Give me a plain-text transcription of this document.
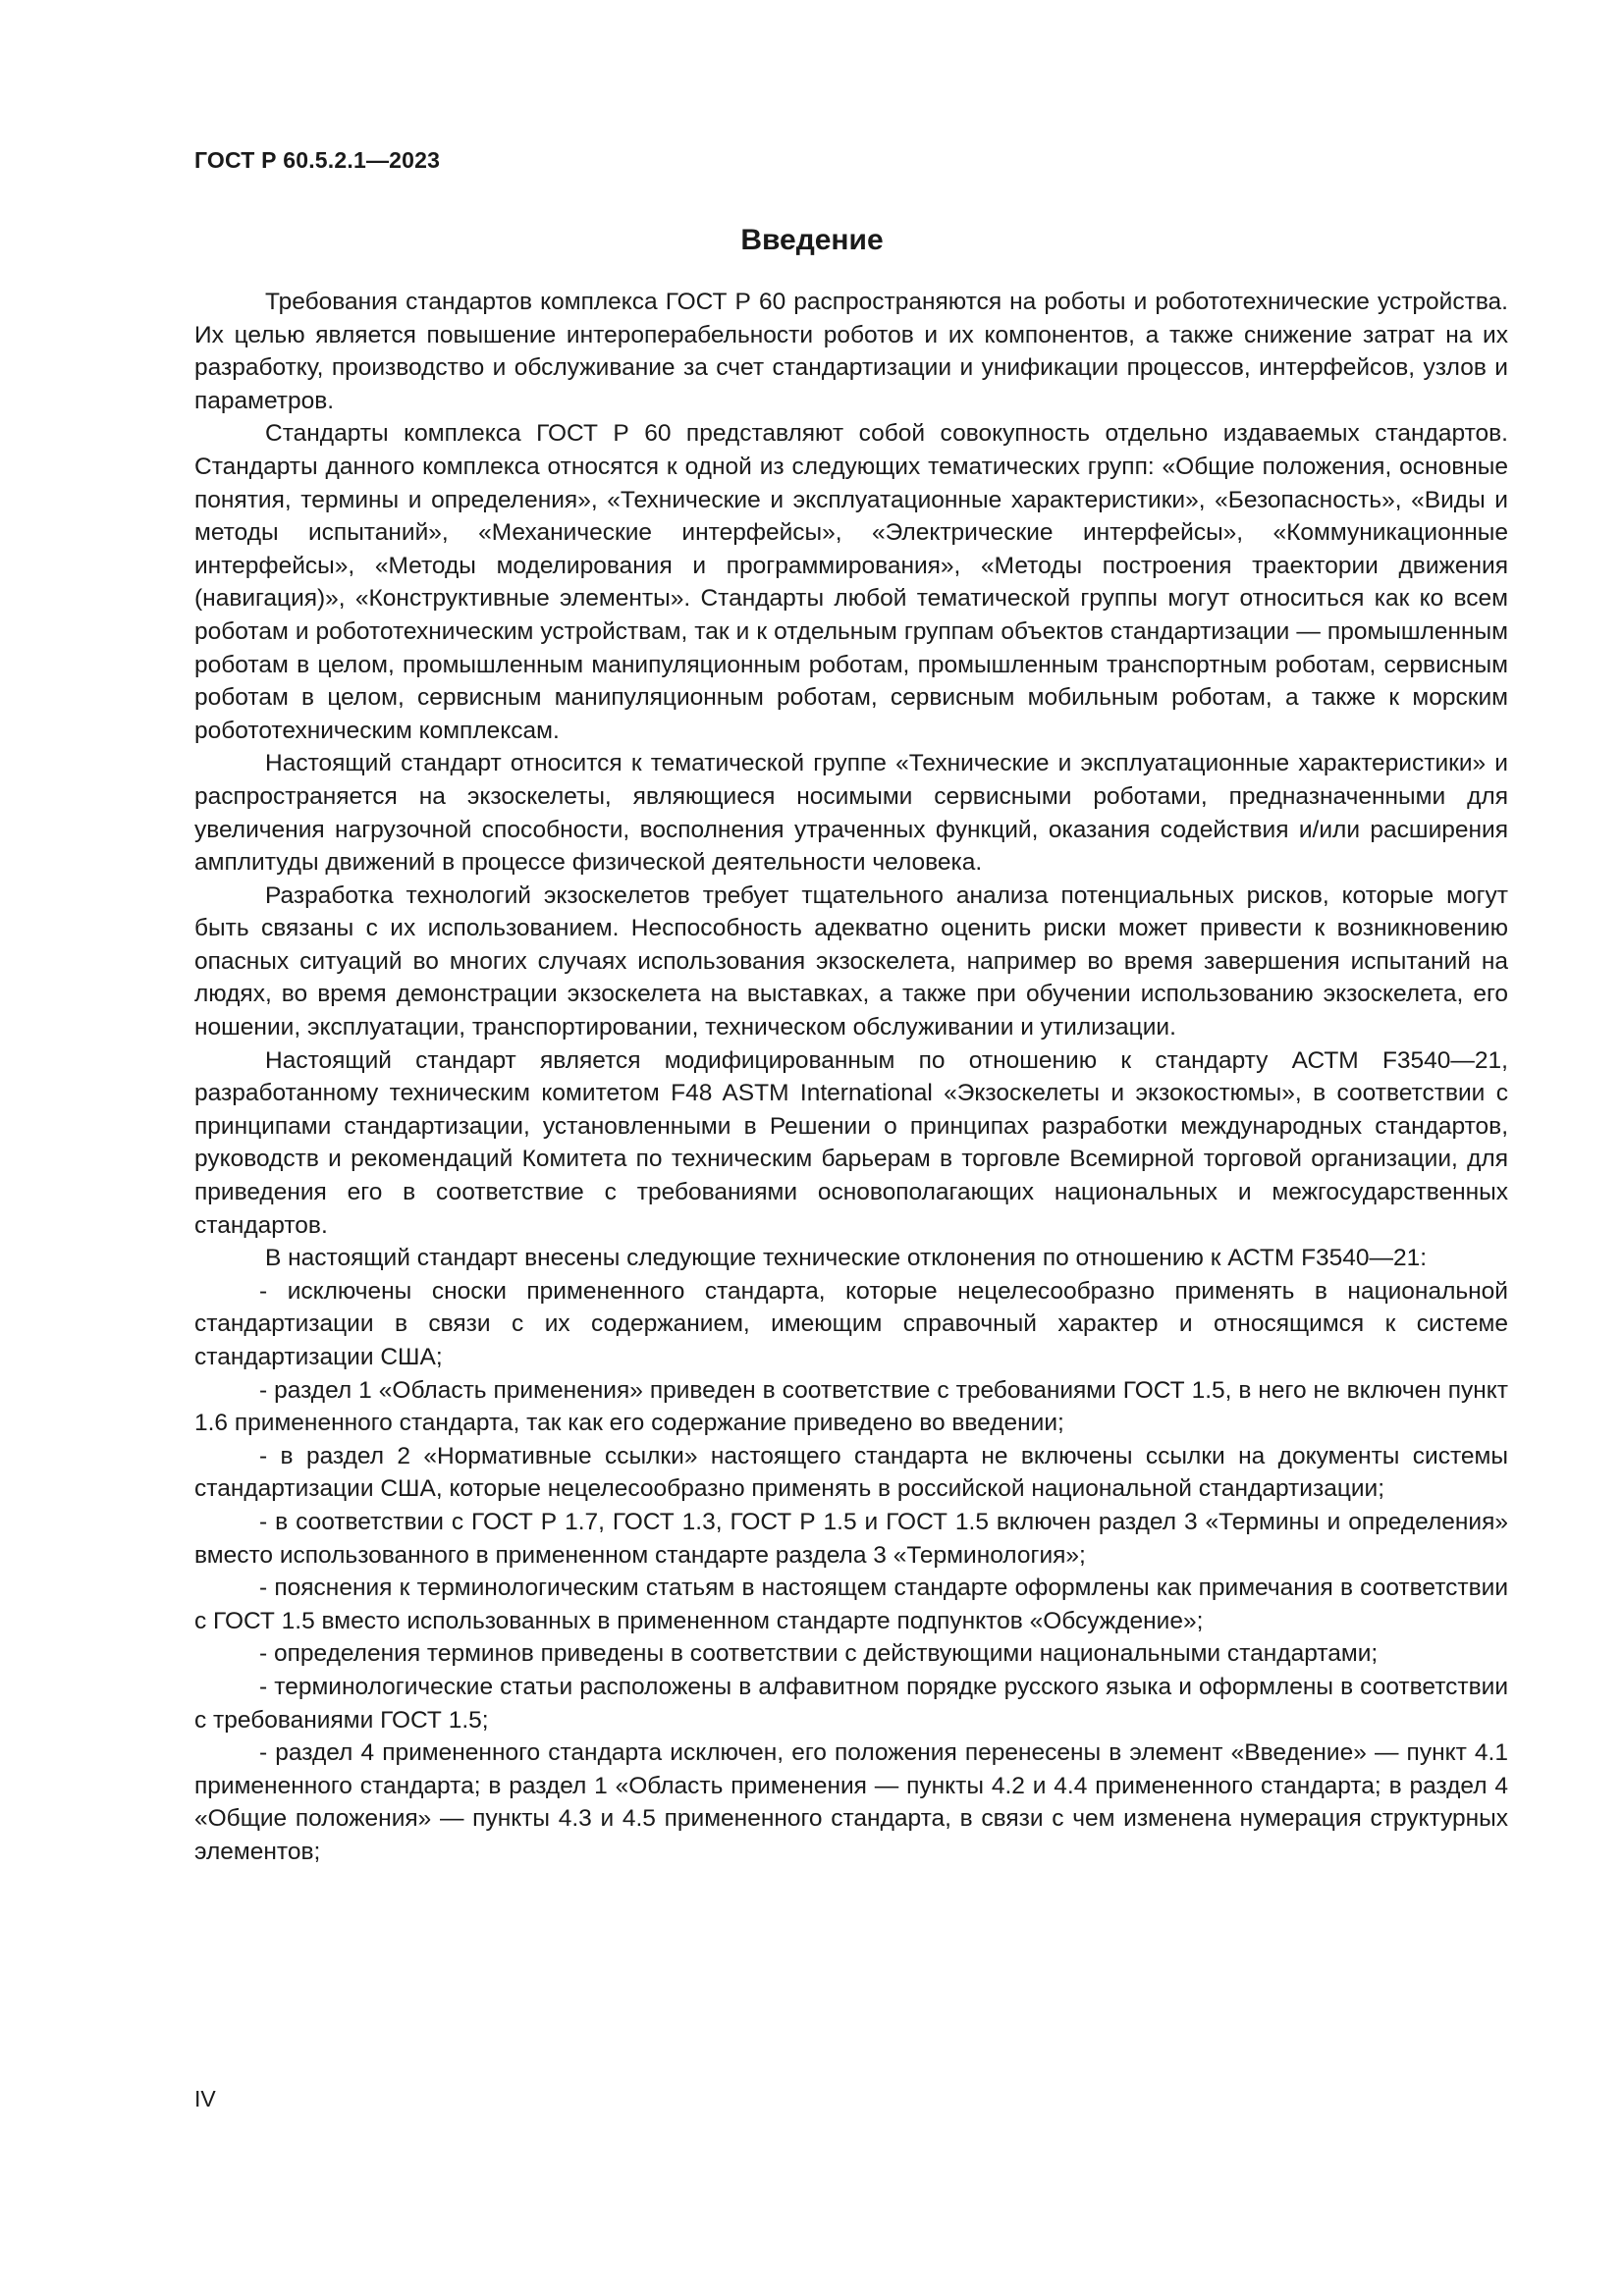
ГОСТ Р 60.5.2.1—2023
Введение

Требования стандартов комплекса ГОСТ Р 60 распространяются на роботы и робототехнические устройства. Их целью является повышение интероперабельности роботов и их компонентов, а также снижение затрат на их разработку, производство и обслуживание за счет стандартизации и унификации процессов, интерфейсов, узлов и параметров.

Стандарты комплекса ГОСТ Р 60 представляют собой совокупность отдельно издаваемых стандартов. Стандарты данного комплекса относятся к одной из следующих тематических групп: «Общие положения, основные понятия, термины и определения», «Технические и эксплуатационные характеристики», «Безопасность», «Виды и методы испытаний», «Механические интерфейсы», «Электрические интерфейсы», «Коммуникационные интерфейсы», «Методы моделирования и программирования», «Методы построения траектории движения (навигация)», «Конструктивные элементы». Стандарты любой тематической группы могут относиться как ко всем роботам и робототехническим устройствам, так и к отдельным группам объектов стандартизации — промышленным роботам в целом, промышленным манипуляционным роботам, промышленным транспортным роботам, сервисным роботам в целом, сервисным манипуляционным роботам, сервисным мобильным роботам, а также к морским робототехническим комплексам.

Настоящий стандарт относится к тематической группе «Технические и эксплуатационные характеристики» и распространяется на экзоскелеты, являющиеся носимыми сервисными роботами, предназначенными для увеличения нагрузочной способности, восполнения утраченных функций, оказания содействия и/или расширения амплитуды движений в процессе физической деятельности человека.

Разработка технологий экзоскелетов требует тщательного анализа потенциальных рисков, которые могут быть связаны с их использованием. Неспособность адекватно оценить риски может привести к возникновению опасных ситуаций во многих случаях использования экзоскелета, например во время завершения испытаний на людях, во время демонстрации экзоскелета на выставках, а также при обучении использованию экзоскелета, его ношении, эксплуатации, транспортировании, техническом обслуживании и утилизации.

Настоящий стандарт является модифицированным по отношению к стандарту АСТМ F3540—21, разработанному техническим комитетом F48 ASTM International «Экзоскелеты и экзокостюмы», в соответствии с принципами стандартизации, установленными в Решении о принципах разработки международных стандартов, руководств и рекомендаций Комитета по техническим барьерам в торговле Всемирной торговой организации, для приведения его в соответствие с требованиями основополагающих национальных и межгосударственных стандартов.

В настоящий стандарт внесены следующие технические отклонения по отношению к АСТМ F3540—21:

- исключены сноски примененного стандарта, которые нецелесообразно применять в национальной стандартизации в связи с их содержанием, имеющим справочный характер и относящимся к системе стандартизации США;

- раздел 1 «Область применения» приведен в соответствие с требованиями ГОСТ 1.5, в него не включен пункт 1.6 примененного стандарта, так как его содержание приведено во введении;

- в раздел 2 «Нормативные ссылки» настоящего стандарта не включены ссылки на документы системы стандартизации США, которые нецелесообразно применять в российской национальной стандартизации;

- в соответствии с ГОСТ Р 1.7, ГОСТ 1.3, ГОСТ Р 1.5 и ГОСТ 1.5 включен раздел 3 «Термины и определения» вместо использованного в примененном стандарте раздела 3 «Терминология»;

- пояснения к терминологическим статьям в настоящем стандарте оформлены как примечания в соответствии с ГОСТ 1.5 вместо использованных в примененном стандарте подпунктов «Обсуждение»;

- определения терминов приведены в соответствии с действующими национальными стандартами;

- терминологические статьи расположены в алфавитном порядке русского языка и оформлены в соответствии с требованиями ГОСТ 1.5;

- раздел 4 примененного стандарта исключен, его положения перенесены в элемент «Введение» — пункт 4.1 примененного стандарта; в раздел 1 «Область применения — пункты 4.2 и 4.4 примененного стандарта; в раздел 4 «Общие положения» — пункты 4.3 и 4.5 примененного стандарта, в связи с чем изменена нумерация структурных элементов;

IV
